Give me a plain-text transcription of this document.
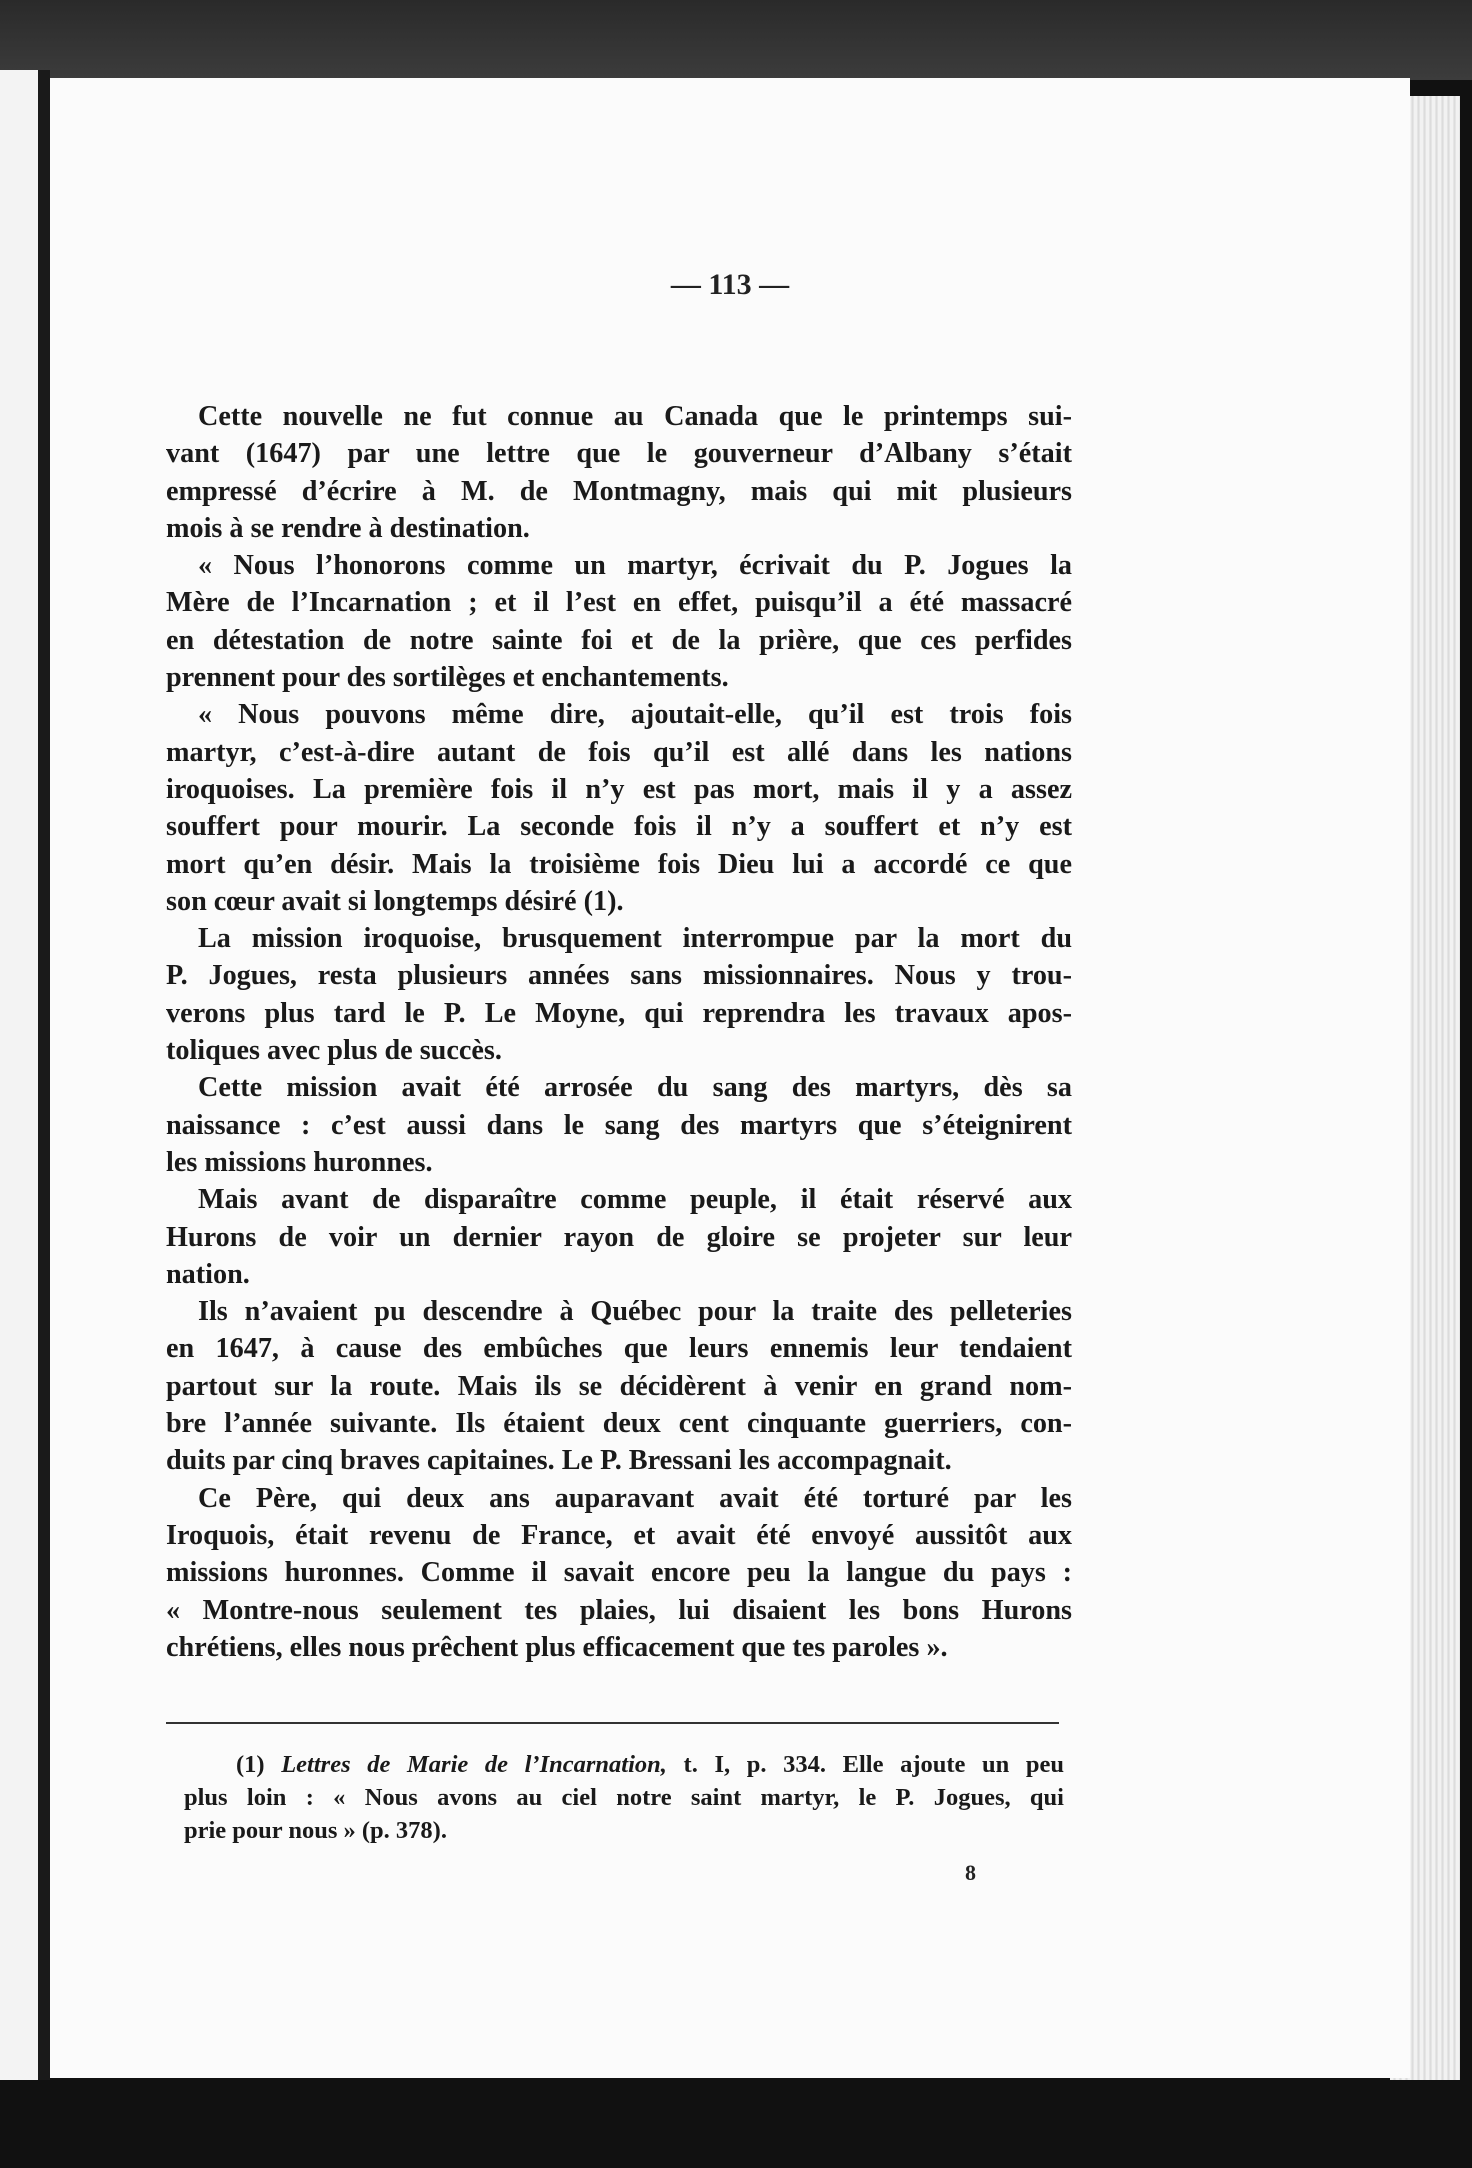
— 113 —
Cette nouvelle ne fut connue au Canada que le printemps sui-
vant (1647) par une lettre que le gouverneur d’Albany s’était
empressé d’écrire à M. de Montmagny, mais qui mit plusieurs
mois à se rendre à destination.
« Nous l’honorons comme un martyr, écrivait du P. Jogues la
Mère de l’Incarnation ; et il l’est en effet, puisqu’il a été massacré
en détestation de notre sainte foi et de la prière, que ces perfides
prennent pour des sortilèges et enchantements.
« Nous pouvons même dire, ajoutait-elle, qu’il est trois fois
martyr, c’est-à-dire autant de fois qu’il est allé dans les nations
iroquoises. La première fois il n’y est pas mort, mais il y a assez
souffert pour mourir. La seconde fois il n’y a souffert et n’y est
mort qu’en désir. Mais la troisième fois Dieu lui a accordé ce que
son cœur avait si longtemps désiré (1).
La mission iroquoise, brusquement interrompue par la mort du
P. Jogues, resta plusieurs années sans missionnaires. Nous y trou-
verons plus tard le P. Le Moyne, qui reprendra les travaux apos-
toliques avec plus de succès.
Cette mission avait été arrosée du sang des martyrs, dès sa
naissance : c’est aussi dans le sang des martyrs que s’éteignirent
les missions huronnes.
Mais avant de disparaître comme peuple, il était réservé aux
Hurons de voir un dernier rayon de gloire se projeter sur leur
nation.
Ils n’avaient pu descendre à Québec pour la traite des pelleteries
en 1647, à cause des embûches que leurs ennemis leur tendaient
partout sur la route. Mais ils se décidèrent à venir en grand nom-
bre l’année suivante. Ils étaient deux cent cinquante guerriers, con-
duits par cinq braves capitaines. Le P. Bressani les accompagnait.
Ce Père, qui deux ans auparavant avait été torturé par les
Iroquois, était revenu de France, et avait été envoyé aussitôt aux
missions huronnes. Comme il savait encore peu la langue du pays :
« Montre-nous seulement tes plaies, lui disaient les bons Hurons
chrétiens, elles nous prêchent plus efficacement que tes paroles ».
(1) Lettres de Marie de l’Incarnation, t. I, p. 334. Elle ajoute un peu
plus loin : « Nous avons au ciel notre saint martyr, le P. Jogues, qui
prie pour nous » (p. 378).
8
